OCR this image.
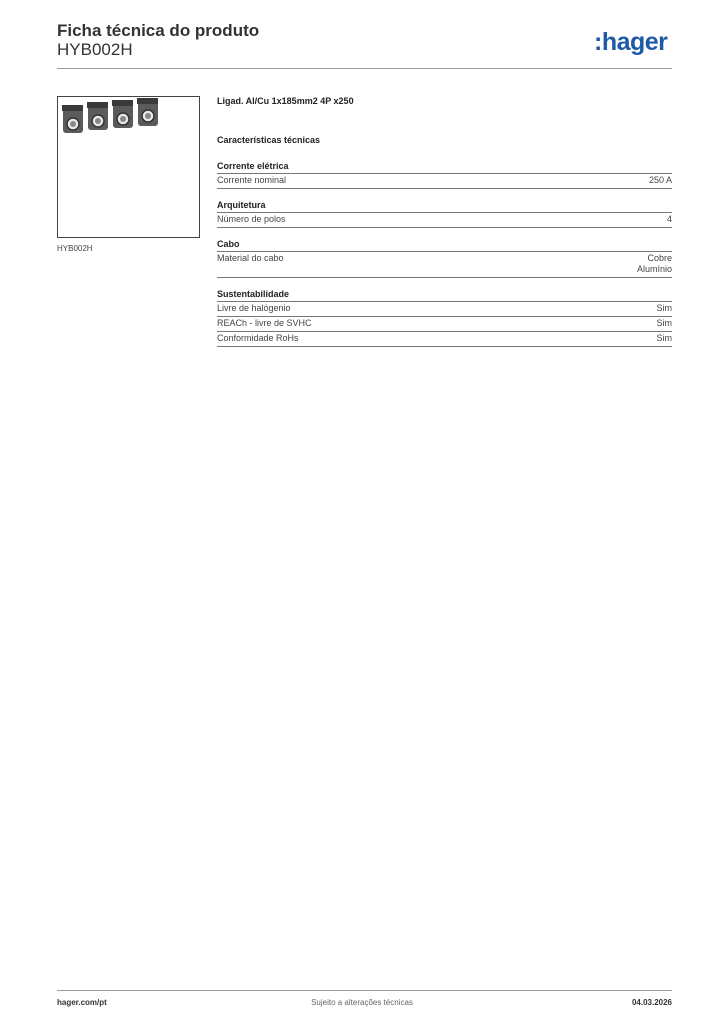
Ficha técnica do produto
HYB002H	:hager
HYB002H
Ligad. Al/Cu 1x185mm2 4P x250
Características técnicas
Corrente elétrica
Corrente nominal	250 A
Arquitetura
Número de polos	4
Cabo
Material do cabo	Cobre
Alumínio
Sustentabilidade
Livre de halógenio	Sim
REACh - livre de SVHC	Sim
Conformidade RoHs	Sim
hager.com/pt	Sujeito a alterações técnicas	04.03.2026
